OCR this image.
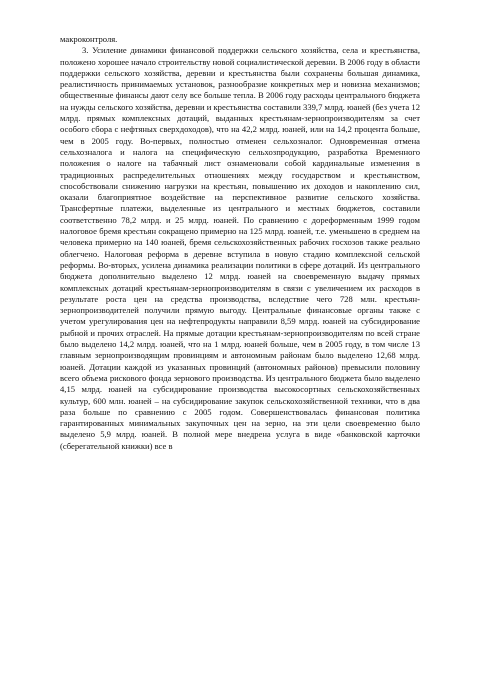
макроконтроля.

3. Усиление динамики финансовой поддержки сельского хозяйства, села и крестьянства, положено хорошее начало строительству новой социалистической деревни. В 2006 году в области поддержки сельского хозяйства, деревни и крестьянства были сохранены большая динамика, реалистичность принимаемых установок, разнообразие конкретных мер и новизна механизмов; общественные финансы дают селу все больше тепла. В 2006 году расходы центрального бюджета на нужды сельского хозяйства, деревни и крестьянства составили 339,7 млрд. юаней (без учета 12 млрд. прямых комплексных дотаций, выданных крестьянам-зернопроизводителям за счет особого сбора с нефтяных сверхдоходов), что на 42,2 млрд. юаней, или на 14,2 процента больше, чем в 2005 году. Во-первых, полностью отменен сельхозналог. Одновременная отмена сельхозналога и налога на специфическую сельхозпродукцию, разработка Временного положения о налоге на табачный лист ознаменовали собой кардинальные изменения в традиционных распределительных отношениях между государством и крестьянством, способствовали снижению нагрузки на крестьян, повышению их доходов и накоплению сил, оказали благоприятное воздействие на перспективное развитие сельского хозяйства. Трансфертные платежи, выделенные из центрального и местных бюджетов, составили соответственно 78,2 млрд. и 25 млрд. юаней. По сравнению с дореформенным 1999 годом налоговое бремя крестьян сокращено примерно на 125 млрд. юаней, т.е. уменьшено в среднем на человека примерно на 140 юаней, бремя сельскохозяйственных рабочих госхозов также реально облегчено. Налоговая реформа в деревне вступила в новую стадию комплексной сельской реформы. Во-вторых, усилена динамика реализации политики в сфере дотаций. Из центрального бюджета дополнительно выделено 12 млрд. юаней на своевременную выдачу прямых комплексных дотаций крестьянам-зернопроизводителям в связи с увеличением их расходов в результате роста цен на средства производства, вследствие чего 728 млн. крестьян-зернопроизводителей получили прямую выгоду. Центральные финансовые органы также с учетом урегулирования цен на нефтепродукты направили 8,59 млрд. юаней на субсидирование рыбной и прочих отраслей. На прямые дотации крестьянам-зернопроизводителям по всей стране было выделено 14,2 млрд. юаней, что на 1 млрд. юаней больше, чем в 2005 году, в том числе 13 главным зернопроизводящим провинциям и автономным районам было выделено 12,68 млрд. юаней. Дотации каждой из указанных провинций (автономных районов) превысили половину всего объема рискового фонда зернового производства. Из центрального бюджета было выделено 4,15 млрд. юаней на субсидирование производства высокосортных сельскохозяйственных культур, 600 млн. юаней – на субсидирование закупок сельскохозяйственной техники, что в два раза больше по сравнению с 2005 годом. Совершенствовалась финансовая политика гарантированных минимальных закупочных цен на зерно, на эти цели своевременно было выделено 5,9 млрд. юаней. В полной мере внедрена услуга в виде «банковской карточки (сберегательной книжки) все в
